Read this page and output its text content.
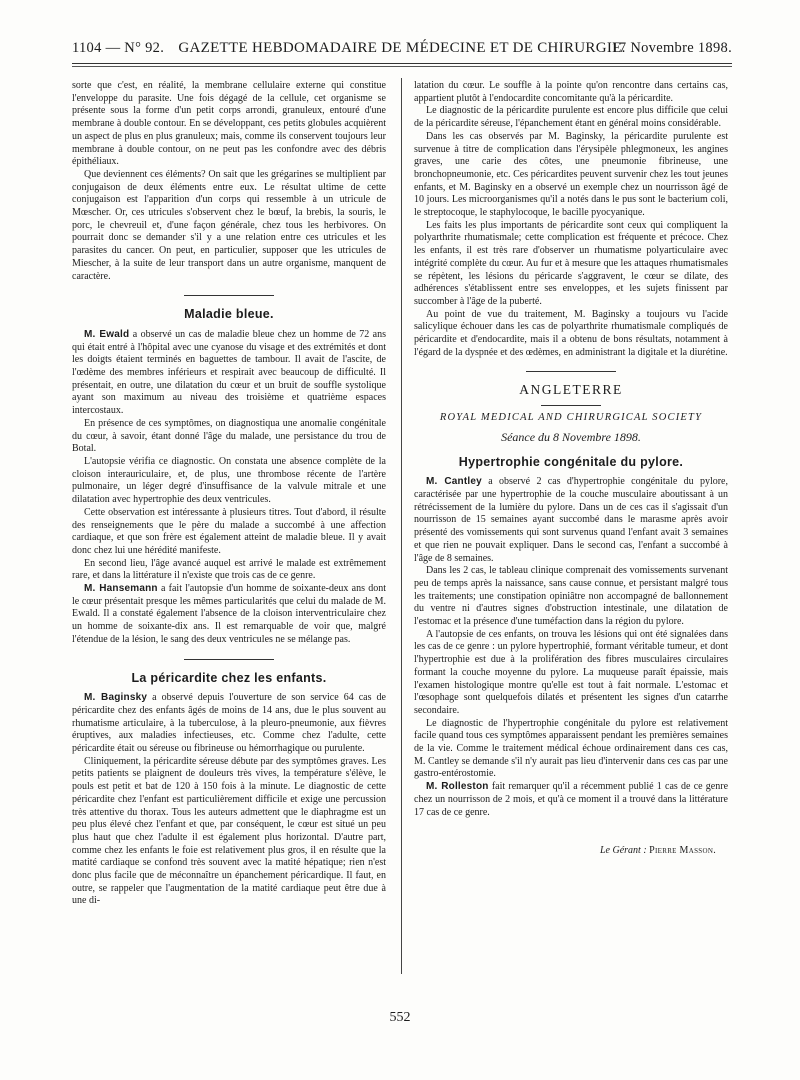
1104 — N° 92. GAZETTE HEBDOMADAIRE DE MÉDECINE ET DE CHIRURGIE.
17 Novembre 1898.

sorte que c'est, en réalité, la membrane cellulaire externe qui constitue l'enveloppe du parasite. Une fois dégagé de la cellule, cet organisme se présente sous la forme d'un petit corps arrondi, granuleux, entouré d'une membrane à double contour. En se développant, ces petits globules acquièrent un aspect de plus en plus granuleux; mais, comme ils conservent toujours leur membrane à double contour, on ne peut pas les confondre avec des débris épithéliaux.

Que deviennent ces éléments? On sait que les grégarines se multiplient par conjugaison de deux éléments entre eux. Le résultat ultime de cette conjugaison est l'apparition d'un corps qui ressemble à un utricule de Mœscher. Or, ces utricules s'observent chez le bœuf, la brebis, la souris, le porc, le chevreuil et, d'une façon générale, chez tous les herbivores. On pourrait donc se demander s'il y a une relation entre ces utricules et les parasites du cancer. On peut, en particulier, supposer que les utricules de Miescher, à la suite de leur transport dans un autre organisme, manquent de caractère.

Maladie bleue.

M. Ewald a observé un cas de maladie bleue chez un homme de 72 ans qui était entré à l'hôpital avec une cyanose du visage et des extrémités et dont les doigts étaient terminés en baguettes de tambour. Il avait de l'ascite, de l'œdème des membres inférieurs et respirait avec beaucoup de difficulté. Il présentait, en outre, une dilatation du cœur et un bruit de souffle systolique ayant son maximum au niveau des troisième et quatrième espaces intercostaux.

En présence de ces symptômes, on diagnostiqua une anomalie congénitale du cœur, à savoir, étant donné l'âge du malade, une persistance du trou de Botal.

L'autopsie vérifia ce diagnostic. On constata une absence complète de la cloison interauriculaire, et, de plus, une thrombose récente de l'artère pulmonaire, un léger degré d'insuffisance de la valvule mitrale et une dilatation avec hypertrophie des deux ventricules.

Cette observation est intéressante à plusieurs titres. Tout d'abord, il résulte des renseignements que le père du malade a succombé à une affection cardiaque, et que son frère est également atteint de maladie bleue. Il y avait donc chez lui une hérédité manifeste.

En second lieu, l'âge avancé auquel est arrivé le malade est extrêmement rare, et dans la littérature il n'existe que trois cas de ce genre.

M. Hansemann a fait l'autopsie d'un homme de soixante-deux ans dont le cœur présentait presque les mêmes particularités que celui du malade de M. Ewald. Il a constaté également l'absence de la cloison interventriculaire chez un homme de soixante-dix ans. Il est remarquable de voir que, malgré l'étendue de la lésion, le sang des deux ventricules ne se mélange pas.

La péricardite chez les enfants.

M. Baginsky a observé depuis l'ouverture de son service 64 cas de péricardite chez des enfants âgés de moins de 14 ans, due le plus souvent au rhumatisme articulaire, à la tuberculose, à la pleuro-pneumonie, aux fièvres éruptives, aux maladies infectieuses, etc. Comme chez l'adulte, cette péricardite était ou séreuse ou fibrineuse ou hémorrhagique ou purulente.

Cliniquement, la péricardite séreuse débute par des symptômes graves. Les petits patients se plaignent de douleurs très vives, la température s'élève, le pouls est petit et bat de 120 à 150 fois à la minute. Le diagnostic de cette péricardite chez l'enfant est particulièrement difficile et exige une percussion très attentive du thorax. Tous les auteurs admettent que le diaphragme est un peu plus élevé chez l'enfant et que, par conséquent, le cœur est situé un peu plus haut que chez l'adulte il est également plus horizontal. D'autre part, comme chez les enfants le foie est relativement plus gros, il en résulte que la matité cardiaque se confond très souvent avec la matité hépatique; rien n'est donc plus facile que de méconnaître un épanchement péricardique. Il faut, en outre, se rappeler que l'augmentation de la matité cardiaque peut être due à une di-

latation du cœur. Le souffle à la pointe qu'on rencontre dans certains cas, appartient plutôt à l'endocardite concomitante qu'à la péricardite.

Le diagnostic de la péricardite purulente est encore plus difficile que celui de la péricardite séreuse, l'épanchement étant en général moins considérable.

Dans les cas observés par M. Baginsky, la péricardite purulente est survenue à titre de complication dans l'érysipèle phlegmoneux, les angines graves, une carie des côtes, une pneumonie fibrineuse, une bronchopneumonie, etc. Ces péricardites peuvent survenir chez les tout jeunes enfants, et M. Baginsky en a observé un exemple chez un nourrisson âgé de 10 jours. Les microorganismes qu'il a notés dans le pus sont le bacterium coli, le streptocoque, le staphylocoque, le bacille pyocyanique.

Les faits les plus importants de péricardite sont ceux qui compliquent la polyarthrite rhumatismale; cette complication est fréquente et précoce. Chez les enfants, il est très rare d'observer un rhumatisme polyarticulaire avec intégrité complète du cœur. Au fur et à mesure que les attaques rhumatismales se répètent, les lésions du péricarde s'aggravent, le cœur se dilate, des adhérences s'établissent entre ses enveloppes, et les sujets finissent par succomber à l'âge de la puberté.

Au point de vue du traitement, M. Baginsky a toujours vu l'acide salicylique échouer dans les cas de polyarthrite rhumatismale compliqués de péricardite et d'endocardite, mais il a obtenu de bons résultats, notamment à l'égard de la dyspnée et des œdèmes, en administrant la digitale et la diurétine.

ANGLETERRE
ROYAL MEDICAL AND CHIRURGICAL SOCIETY
Séance du 8 Novembre 1898.
Hypertrophie congénitale du pylore.

M. Cantley a observé 2 cas d'hypertrophie congénitale du pylore, caractérisée par une hypertrophie de la couche musculaire aboutissant à un rétrécissement de la lumière du pylore. Dans un de ces cas il s'agissait d'un nourrisson de 15 semaines ayant succombé dans le marasme après avoir présenté des vomissements qui sont survenus quand l'enfant avait 3 semaines et que rien ne pouvait expliquer. Dans le second cas, l'enfant a succombé à l'âge de 8 semaines.

Dans les 2 cas, le tableau clinique comprenait des vomissements survenant peu de temps après la naissance, sans cause connue, et persistant malgré tous les traitements; une constipation opiniâtre non accompagné de ballonnement du ventre ni d'autres signes d'obstruction intestinale, une dilatation de l'estomac et la présence d'une tuméfaction dans la région du pylore.

A l'autopsie de ces enfants, on trouva les lésions qui ont été signalées dans les cas de ce genre : un pylore hypertrophié, formant véritable tumeur, et dont l'hypertrophie est due à la prolifération des fibres musculaires circulaires formant la couche moyenne du pylore. La muqueuse paraît épaissie, mais l'examen histologique montre qu'elle est tout à fait normale. L'estomac et l'œsophage sont quelquefois dilatés et présentent les signes d'un catarrhe secondaire.

Le diagnostic de l'hypertrophie congénitale du pylore est relativement facile quand tous ces symptômes apparaissent pendant les premières semaines de la vie. Comme le traitement médical échoue ordinairement dans ces cas, M. Cantley se demande s'il n'y aurait pas lieu d'intervenir dans ces cas par une gastro-entérostomie.

M. Rolleston fait remarquer qu'il a récemment publié 1 cas de ce genre chez un nourrisson de 2 mois, et qu'à ce moment il a trouvé dans la littérature 17 cas de ce genre.

Le Gérant : Pierre Masson.
552
